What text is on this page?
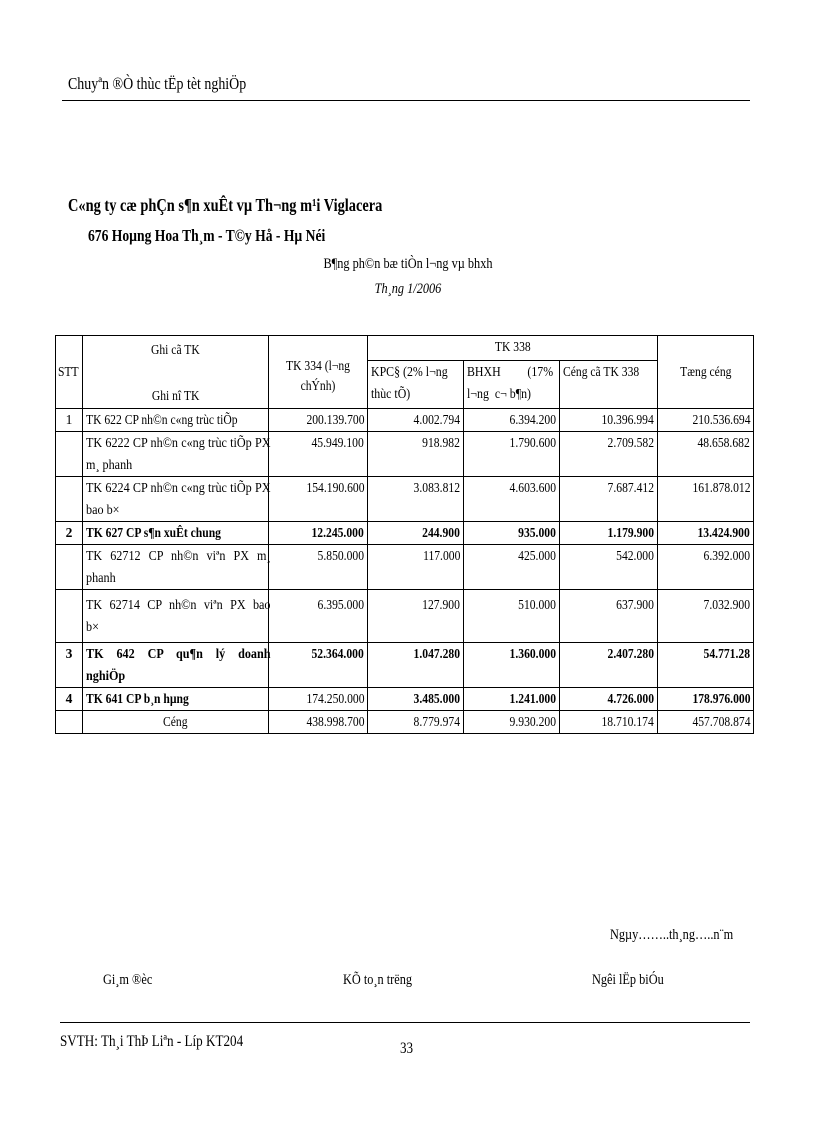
Chuyªn ®Ò thùc tËp tèt nghiÖp
C«ng ty cæ phÇn s¶n xuÊt vµ Th¬ng m¹i Viglacera
676 Hoµng Hoa Th¸m - T©y Hå - Hµ Néi
B¶ng ph©n bæ tiÒn l¬ng vµ bhxh
Th¸ng 1/2006
STT	Ghi cã TK
Ghi nî TK	TK 334 (l¬ng chÝnh)	TK 338			Tæng céng

			KPC§ (2% l¬ng thùc tÕ)	BHXH         (17% l¬ng  c¬ b¶n)	Céng cã TK 338	
1	TK 622 CP nh©n c«ng trùc tiÕp	200.139.700	4.002.794	6.394.200	10.396.994	210.536.694

	TK 6222 CP nh©n c«ng trùc tiÕp PX m¸ phanh	45.949.100	918.982	1.790.600	2.709.582	48.658.682

	TK 6224 CP nh©n c«ng trùc tiÕp PX bao b×	154.190.600	3.083.812	4.603.600	7.687.412	161.878.012
2	TK 627 CP s¶n xuÊt chung	12.245.000	244.900	935.000	1.179.900	13.424.900

	TK  62712  CP  nh©n  viªn  PX  m¸ phanh	5.850.000	117.000	425.000	542.000	6.392.000

	TK  62714  CP  nh©n  viªn  PX  bao b×	6.395.000	127.900	510.000	637.900	7.032.900
3	TK    642    CP    qu¶n    lý    doanh nghiÖp	52.364.000	1.047.280	1.360.000	2.407.280	54.771.28
4	TK 641 CP b¸n hµng	174.250.000	3.485.000	1.241.000	4.726.000	178.976.000
	Céng	438.998.700	8.779.974	9.930.200	18.710.174	457.708.874
Ngµy……..th¸ng…..n¨m
Gi¸m ®èc	KÕ to¸n trëng	Ngêi lËp biÓu
SVTH: Th¸i ThÞ Liªn - Líp KT204	33
